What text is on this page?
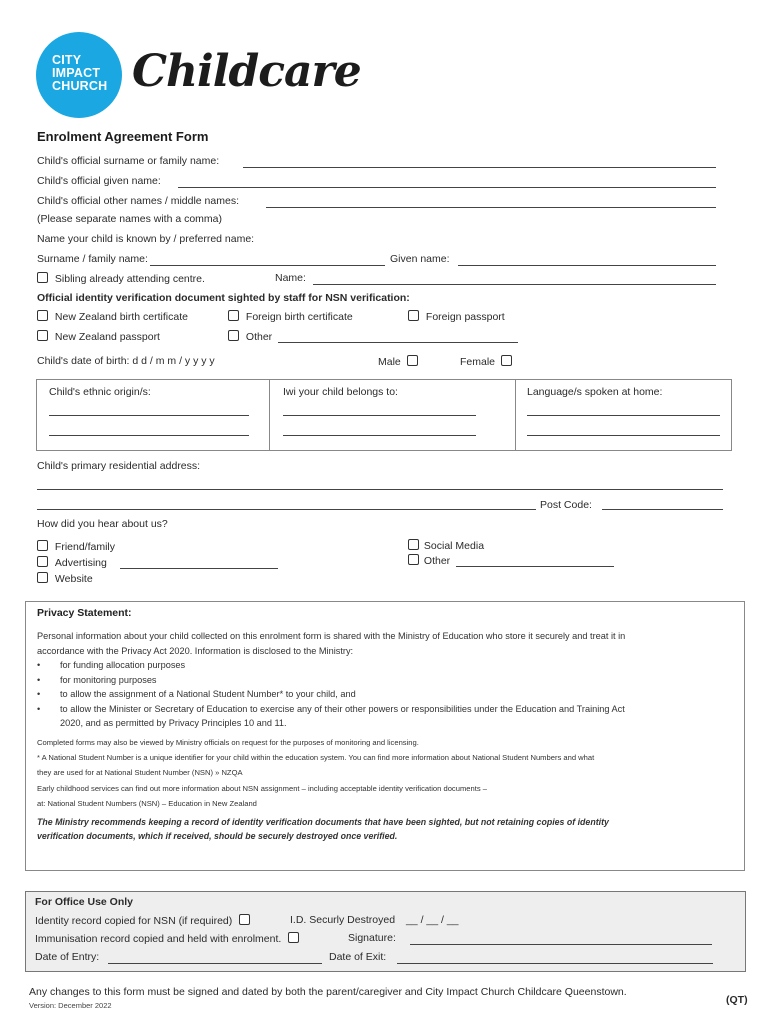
CITY
IMPACT
CHURCH Childcare
Enrolment Agreement Form
Child's official surname or family name:
Child's official given name:
Child's official other names / middle names:
(Please separate names with a comma)
Name your child is known by / preferred name:
Surname / family name:	Given name:
Sibling already attending centre.	Name:
Official identity verification document sighted by staff for NSN verification:
New Zealand birth certificate	Foreign birth certificate	Foreign passport
New Zealand passport	Other
Child's date of birth: d d / m m / y y y y	Male	Female
Child's ethnic origin/s:	Iwi your child belongs to:	Language/s spoken at home:
Child's primary residential address:
Post Code:
How did you hear about us?
Friend/family
Advertising
Website
Social Media
Other
Privacy Statement:
Personal information about your child collected on this enrolment form is shared with the Ministry of Education who store it securely and treat it in
accordance with the Privacy Act 2020. Information is disclosed to the Ministry:
• for funding allocation purposes
• for monitoring purposes
• to allow the assignment of a National Student Number* to your child, and
• to allow the Minister or Secretary of Education to exercise any of their other powers or responsibilities under the Education and Training Act
2020, and as permitted by Privacy Principles 10 and 11.
Completed forms may also be viewed by Ministry officials on request for the purposes of monitoring and licensing.
* A National Student Number is a unique identifier for your child within the education system. You can find more information about National Student Numbers and what
they are used for at National Student Number (NSN) » NZQA
Early childhood services can find out more information about NSN assignment – including acceptable identity verification documents –
at: National Student Numbers (NSN) – Education in New Zealand
The Ministry recommends keeping a record of identity verification documents that have been sighted, but not retaining copies of identity
verification documents, which if received, should be securely destroyed once verified.
For Office Use Only
Identity record copied for NSN (if required)	I.D. Securly Destroyed __ / __ / __
Immunisation record copied and held with enrolment.	Signature:
Date of Entry:	Date of Exit:
Any changes to this form must be signed and dated by both the parent/caregiver and City Impact Church Childcare Queenstown.
Version: December 2022	(QT)
